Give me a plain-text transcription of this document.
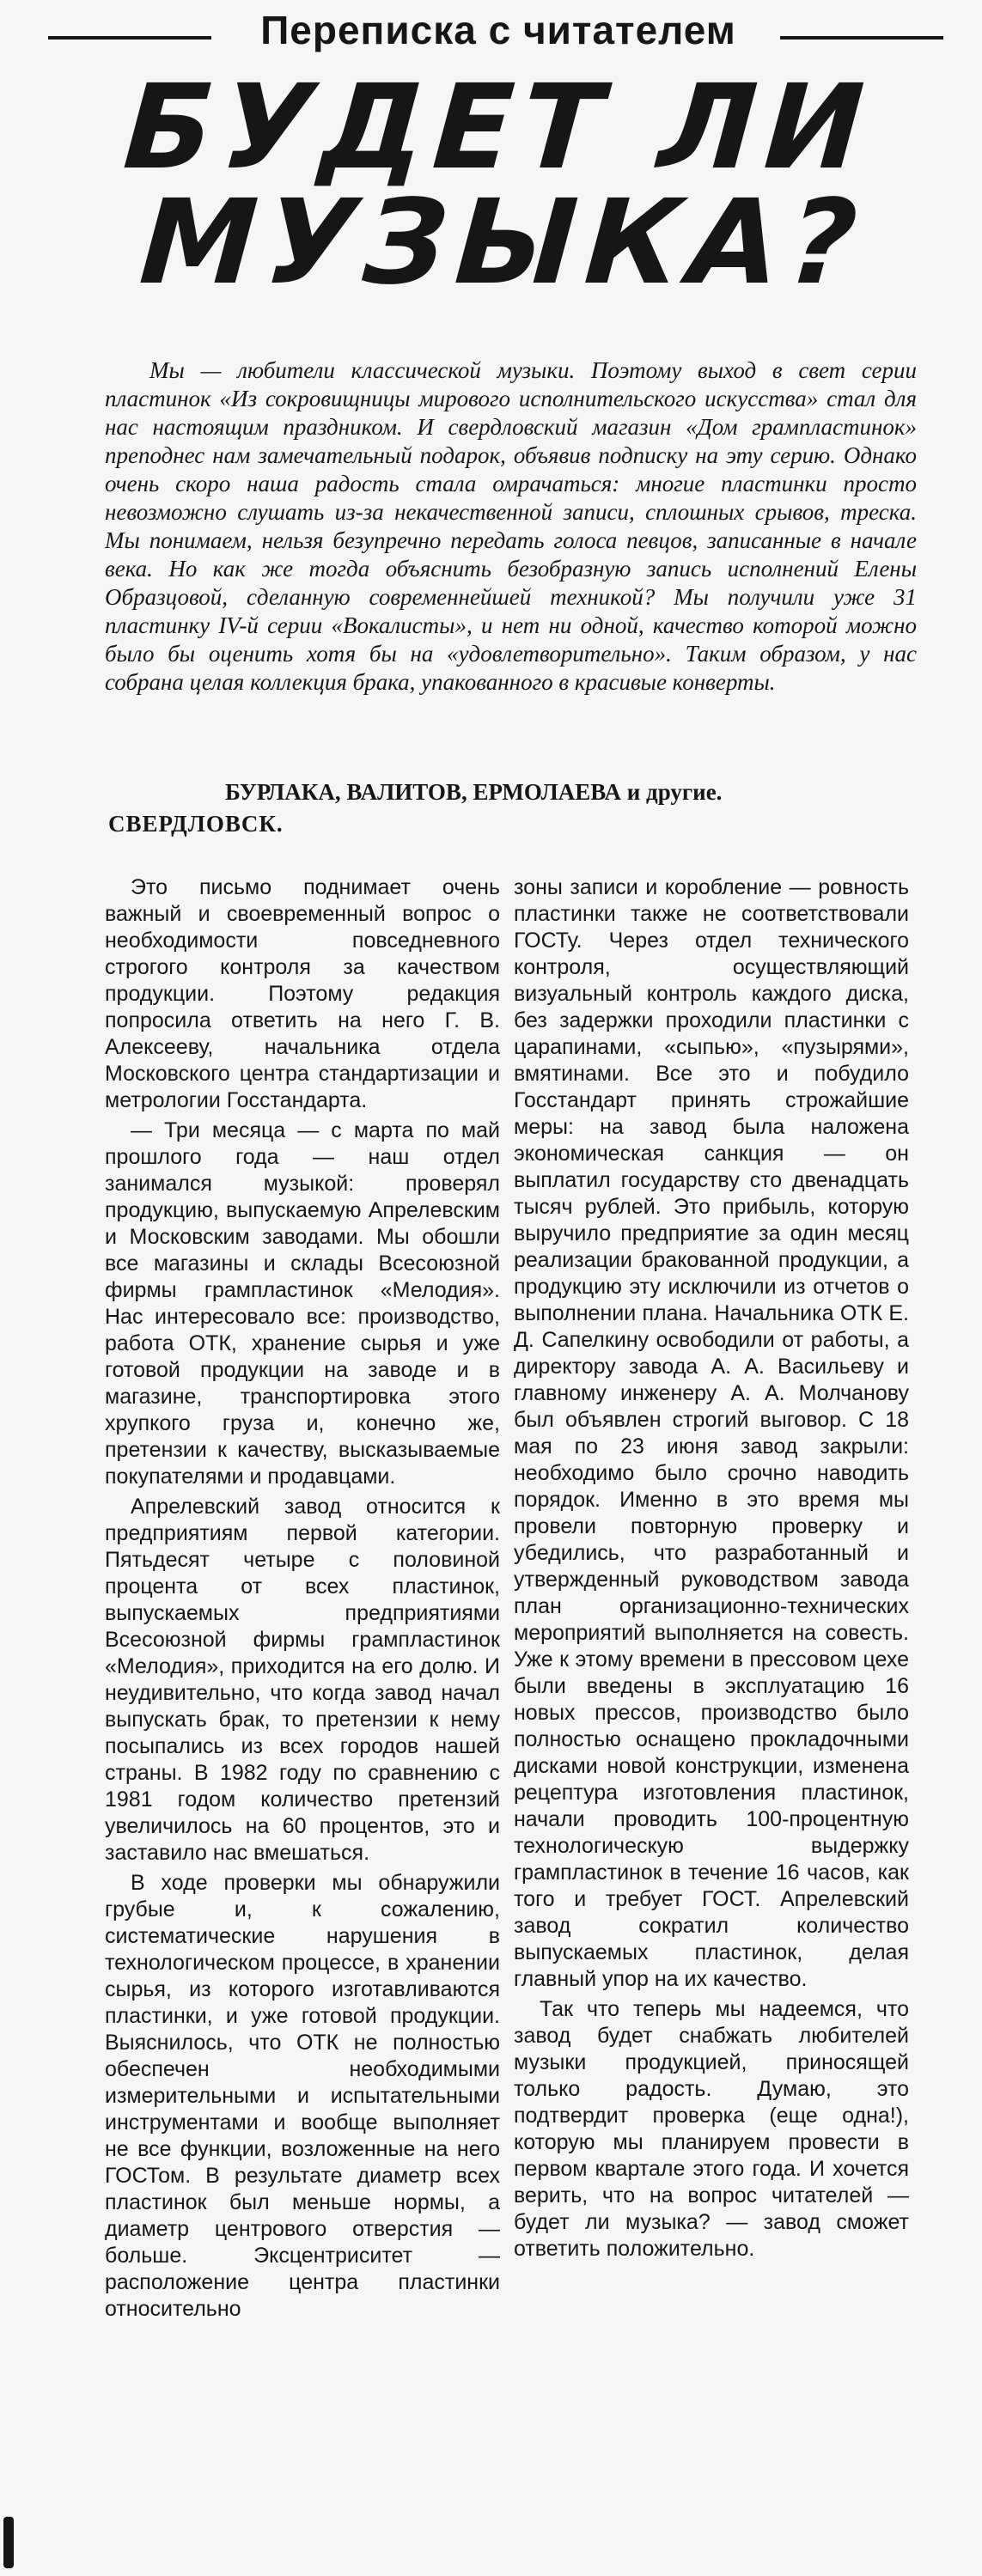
Переписка с читателем
БУДЕТ ЛИ
МУЗЫКА?

Мы — любители классической музыки. Поэтому выход в свет серии пластинок «Из сокровищницы мирового исполнительского искусства» стал для нас настоящим праздником. И свердловский магазин «Дом грампластинок» преподнес нам замечательный подарок, объявив подписку на эту серию. Однако очень скоро наша радость стала омрачаться: многие пластинки просто невозможно слушать из-за некачественной записи, сплошных срывов, треска. Мы понимаем, нельзя безупречно передать голоса певцов, записанные в начале века. Но как же тогда объяснить безобразную запись исполнений Елены Образцовой, сделанную современнейшей техникой? Мы получили уже 31 пластинку IV-й серии «Вокалисты», и нет ни одной, качество которой можно было бы оценить хотя бы на «удовлетворительно». Таким образом, у нас собрана целая коллекция брака, упакованного в красивые конверты.

БУРЛАКА, ВАЛИТОВ, ЕРМОЛАЕВА и другие.

СВЕРДЛОВСК.

Это письмо поднимает очень важный и своевременный вопрос о необходимости повседневного строгого контроля за качеством продукции. Поэтому редакция попросила ответить на него Г. В. Алексееву, начальника отдела Московского центра стандартизации и метрологии Госстандарта.

— Три месяца — с марта по май прошлого года — наш отдел занимался музыкой: проверял продукцию, выпускаемую Апрелевским и Московским заводами. Мы обошли все магазины и склады Всесоюзной фирмы грампластинок «Мелодия». Нас интересовало все: производство, работа ОТК, хранение сырья и уже готовой продукции на заводе и в магазине, транспортировка этого хрупкого груза и, конечно же, претензии к качеству, высказываемые покупателями и продавцами.

Апрелевский завод относится к предприятиям первой категории. Пятьдесят четыре с половиной процента от всех пластинок, выпускаемых предприятиями Всесоюзной фирмы грампластинок «Мелодия», приходится на его долю. И неудивительно, что когда завод начал выпускать брак, то претензии к нему посыпались из всех городов нашей страны. В 1982 году по сравнению с 1981 годом количество претензий увеличилось на 60 процентов, это и заставило нас вмешаться.

В ходе проверки мы обнаружили грубые и, к сожалению, систематические нарушения в технологическом процессе, в хранении сырья, из которого изготавливаются пластинки, и уже готовой продукции. Выяснилось, что ОТК не полностью обеспечен необходимыми измерительными и испытательными инструментами и вообще выполняет не все функции, возложенные на него ГОСТом. В результате диаметр всех пластинок был меньше нормы, а диаметр центрового отверстия — больше. Эксцентриситет — расположение центра пластинки относительно

зоны записи и коробление — ровность пластинки также не соответствовали ГОСТу. Через отдел технического контроля, осуществляющий визуальный контроль каждого диска, без задержки проходили пластинки с царапинами, «сыпью», «пузырями», вмятинами. Все это и побудило Госстандарт принять строжайшие меры: на завод была наложена экономическая санкция — он выплатил государству сто двенадцать тысяч рублей. Это прибыль, которую выручило предприятие за один месяц реализации бракованной продукции, а продукцию эту исключили из отчетов о выполнении плана. Начальника ОТК Е. Д. Сапелкину освободили от работы, а директору завода А. А. Васильеву и главному инженеру А. А. Молчанову был объявлен строгий выговор. С 18 мая по 23 июня завод закрыли: необходимо было срочно наводить порядок. Именно в это время мы провели повторную проверку и убедились, что разработанный и утвержденный руководством завода план организационно-технических мероприятий выполняется на совесть. Уже к этому времени в прессовом цехе были введены в эксплуатацию 16 новых прессов, производство было полностью оснащено прокладочными дисками новой конструкции, изменена рецептура изготовления пластинок, начали проводить 100-процентную технологическую выдержку грампластинок в течение 16 часов, как того и требует ГОСТ. Апрелевский завод сократил количество выпускаемых пластинок, делая главный упор на их качество.

Так что теперь мы надеемся, что завод будет снабжать любителей музыки продукцией, приносящей только радость. Думаю, это подтвердит проверка (еще одна!), которую мы планируем провести в первом квартале этого года. И хочется верить, что на вопрос читателей — будет ли музыка? — завод сможет ответить положительно.
